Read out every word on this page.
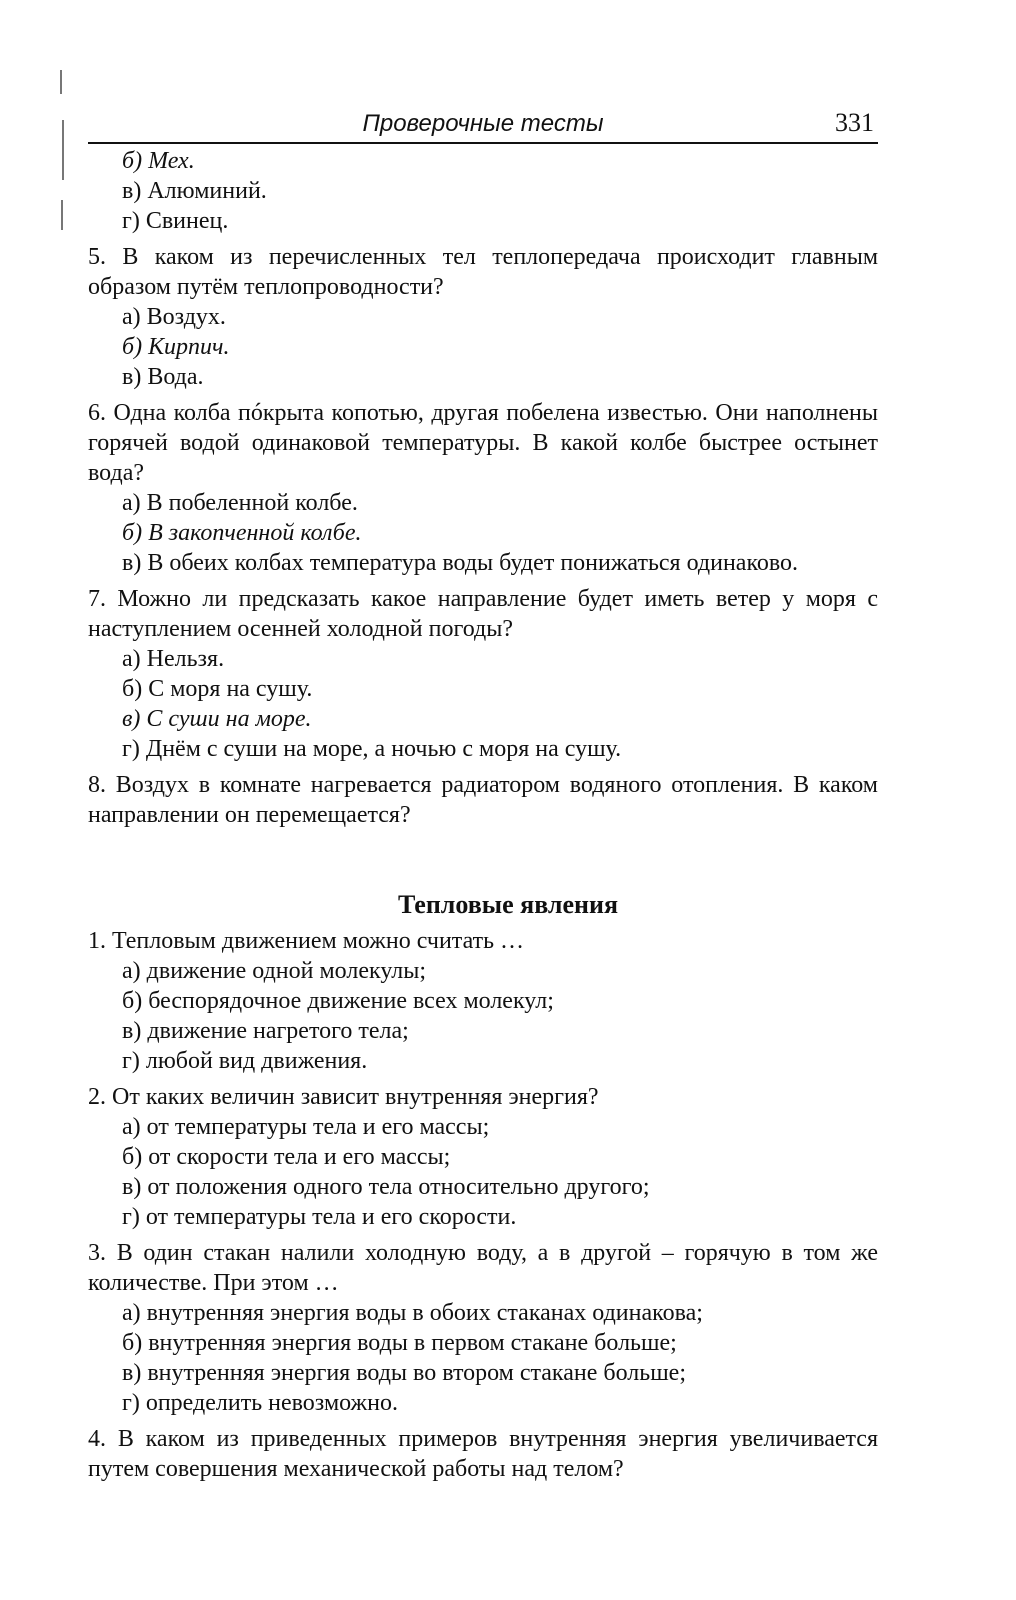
Проверочные тесты	331

б) Мех.

в) Алюминий.

г) Свинец.

5. В каком из перечисленных тел теплопередача происходит главным образом путём теплопроводности?

а) Воздух.

б) Кирпич.

в) Вода.

6. Одна колба пóкрыта копотью, другая побелена известью. Они наполнены горячей водой одинаковой температуры. В какой колбе быстрее остынет вода?

а) В побеленной колбе.

б) В закопченной колбе.

в) В обеих колбах температура воды будет понижаться одинаково.

7. Можно ли предсказать какое направление будет иметь ветер у моря с наступлением осенней холодной погоды?

а) Нельзя.

б) С моря на сушу.

в) С суши на море.

г) Днём с суши на море, а ночью с моря на сушу.

8. Воздух в комнате нагревается радиатором водяного отопления. В каком направлении он перемещается?

Тепловые явления

1. Тепловым движением можно считать …

а) движение одной молекулы;

б) беспорядочное движение всех молекул;

в) движение нагретого тела;

г) любой вид движения.

2. От каких величин зависит внутренняя энергия?

а) от температуры тела и его массы;

б) от скорости тела и его массы;

в) от положения одного тела относительно другого;

г) от температуры тела и его скорости.

3. В один стакан налили холодную воду, а в другой – горячую в том же количестве. При этом …

а) внутренняя энергия воды в обоих стаканах одинакова;

б) внутренняя энергия воды в первом стакане больше;

в) внутренняя энергия воды во втором стакане больше;

г) определить невозможно.

4. В каком из приведенных примеров внутренняя энергия увеличивается путем совершения механической работы над телом?
